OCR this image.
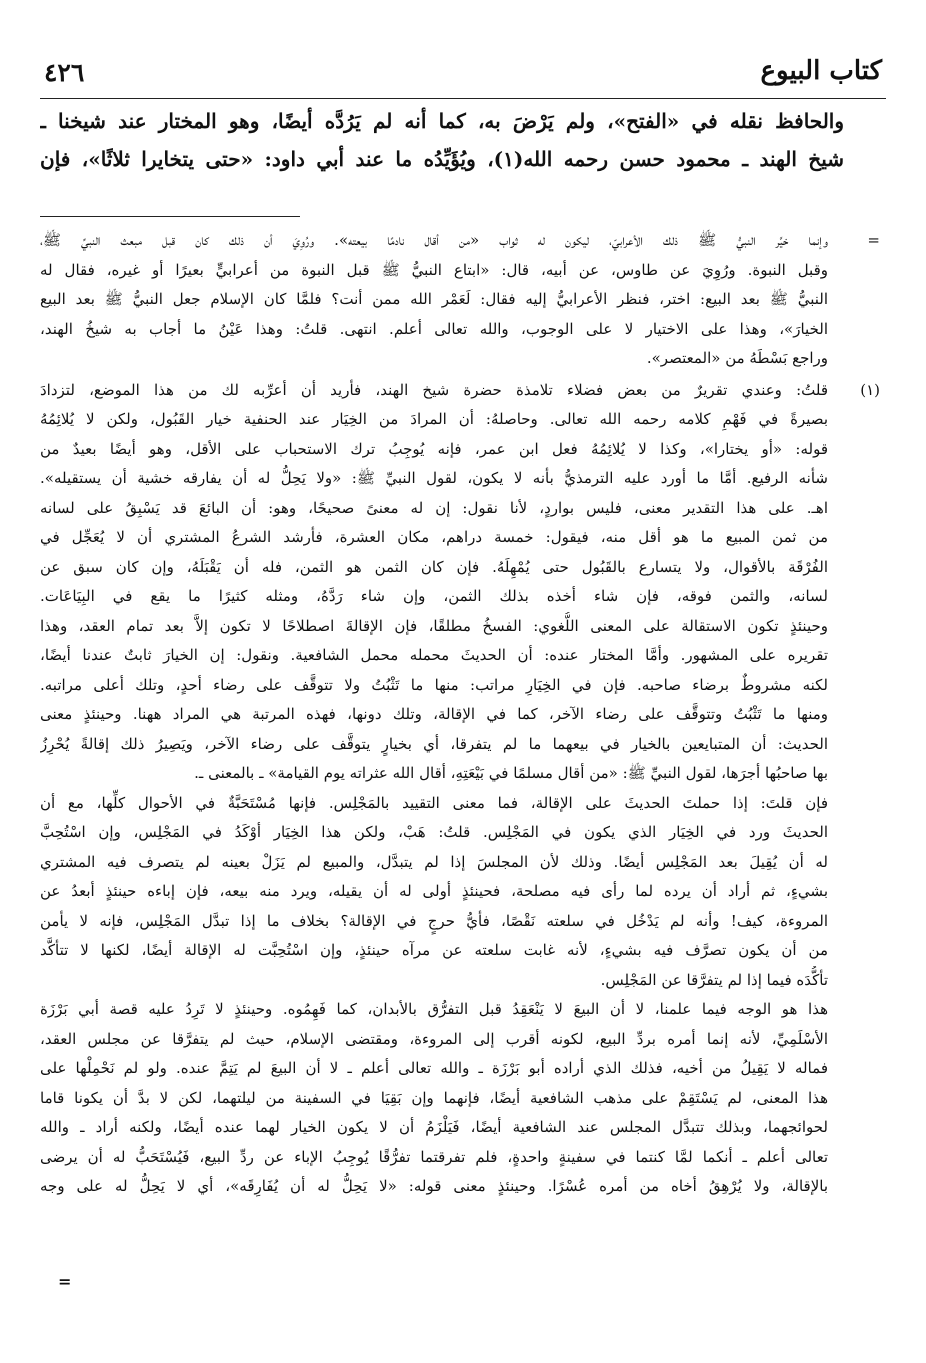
٤٢٦	كتاب البيوع
والحافظ نقله في «الفتح»، ولم يَرْضَ به، كما أنه لم يَرُدَّه أيضًا، وهو المختار عند شيخنا ـ
شيخ الهند ـ محمود حسن رحمه الله(١)، ويُؤَيِّدُه ما عند أبي داود: «حتى يتخايرا ثلاثًا»، فإن
=
وإنما خيَّر النبيُّ ﷺ ذلك الأعرابيّ، ليكون له ثواب «من أقال نادمًا بيعته». ورُوِيَ أن ذلك كان قبل مبعث النبيِّ ﷺ،
وقبل النبوة. ورُوِيَ عن طاوس، عن أبيه، قال: «ابتاع النبيُّ ﷺ قبل النبوة من أعرابيٍّ بعيرًا أو غيره، فقال له
النبيُّ ﷺ بعد البيع: اختر، فنظر الأعرابيُّ إليه فقال: لَعَمْر الله ممن أنت؟ فلمَّا كان الإسلام جعل النبيُّ ﷺ بعد البيع
الخيارَ»، وهذا على الاختيار لا على الوجوب، والله تعالى أعلم. انتهى. قلتُ: وهذا عَيْنُ ما أجاب به شيخُ الهند،
وراجع بَسْطَهُ من «المعتصر».
(١)
قلتُ: وعندي تقريرٌ من بعض فضلاء تلامذة حضرة شيخ الهند، فأريد أن أعرِّبه لك من هذا الموضع، لتزدادَ
بصيرةً في فَهْمِ كلامه رحمه الله تعالى. وحاصلهُ: أن المرادَ من الخِيَار عند الحنفية خيار القَبُول، ولكن لا يُلائِمُهُ
قوله: «أو يختارا»، وكذا لا يُلائِمُهُ فعل ابن عمر، فإنه يُوجِبُ ترك الاستحباب على الأقل، وهو أيضًا بعيدٌ من
شأنه الرفيع. أمَّا ما أورد عليه الترمذيُّ بأنه لا يكون، لقول النبيِّ ﷺ: «ولا يَحِلُّ له أن يفارقه خشية أن يستقيله».
اهـ. على هذا التقدير معنى، فليس بواردٍ، لأنا نقول: إن له معنىً صحيحًا، وهو: أن البائعَ قد يَسْبِقُ على لسانه
من ثمن المبيع ما هو أقل منه، فيقول: خمسة دراهم، مكان العشرة، فأرشد الشرعُ المشتري أن لا يُعَجِّل في
الفُرْقَة بالأقوال، ولا يتسارع بالقَبُول حتى يُمْهِلَهُ. فإن كان الثمن هو الثمن، فله أن يَقْبَلَهُ، وإن كان سبق عن
لسانه، والثمن فوقه، فإن شاء أخذه بذلك الثمن، وإن شاء رَدَّهُ، ومثله كثيرًا ما يقع في البِيَاعَات.
وحينئذٍ تكون الاستقالة على المعنى اللُّغوي: الفسخُ مطلقًا، فإن الإقالةَ اصطلاحًا لا تكون إلاَّ بعد تمام العقد، وهذا
تقريره على المشهور. وأمَّا المختار عنده: أن الحديثَ محمله محمل الشافعية. ونقول: إن الخيارَ ثابتٌ عندنا أيضًا،
لكنه مشروطٌ برضاء صاحبه. فإن في الخِيَارِ مراتب: منها ما تَثْبُتُ ولا تتوقَّف على رضاء أحدٍ، وتلك أعلى مراتبه.
ومنها ما تَثْبُتُ وتتوقَّف على رضاء الآخر، كما في الإقالة، وتلك دونها، فهذه المرتبة هي المراد ههنا. وحينئذٍ معنى
الحديث: أن المتبايعين بالخيار في بيعهما ما لم يتفرقا، أي بخيارٍ يتوقَّف على رضاء الآخر، ويَصِيرُ ذلك إقالةً يُحْرِزُ
بها صاحبُها أجرَها، لقول النبيِّ ﷺ: «من أقال مسلمًا في بَيْعَتِهِ، أقال الله عثراته يوم القيامة» ـ بالمعنى ـ.
فإن قلتَ: إذا حملتَ الحديثَ على الإقالة، فما معنى التقييد بالمَجْلِس. فإنها مُسْتَحَبَّةٌ في الأحوال كلِّها، مع أن
الحديثَ ورد في الخِيَار الذي يكون في المَجْلِس. قلتُ: هَبْ، ولكن هذا الخِيَار أوْكَدُ في المَجْلِس، وإن اسْتُحِبَّ
له أن يُقِيلَ بعد المَجْلِس أيضًا. وذلك لأن المجلسَ إذا لم يتبدَّل، والمبيع لم يَزَلْ بعينه لم يتصرف فيه المشتري
بشيءٍ، ثم أراد أن يرده لما رأى فيه مصلحة، فحينئذٍ أولى له أن يقيله، ويرد منه بيعه، فإن إباءه حينئذٍ أبعدُ عن
المروءة، كيف! وأنه لم يَدْخُل في سلعته نَقْصًا، فأيُّ حرجٍ في الإقالة؟ بخلاف ما إذا تبدَّل المَجْلِس، فإنه لا يأمن
من أن يكون تصرَّف فيه بشيءٍ، لأنه غابت سلعته عن مرآه حينئذٍ، وإن اسْتُحِبَّت له الإقالة أيضًا، لكنها لا تتأكَّد
تأكُّدَه فيما إذا لم يتفرَّقا عن المَجْلِس.
هذا هو الوجه فيما علمنا، لا أن البيعَ لا يَنْعَقِدُ قبل التفرُّق بالأبدان، كما فَهِمُوه. وحينئذٍ لا تَرِدُ عليه قصة أبي بَرْزَة
الأسْلَمِيِّ، لأنه إنما أمره بردِّ البيع، لكونه أقرب إلى المروءة، ومقتضى الإسلام، حيث لم يتفرَّقا عن مجلس العقد،
فماله لا يَقِيلُ من أخيه، فذلك الذي أراده أبو بَرْزَة ـ والله تعالى أعلم ـ لا أن البيعَ لم يَتِمَّ عنده. ولو لم نَحْمِلْها على
هذا المعنى، لم يَسْتَقِمْ على مذهب الشافعية أيضًا، فإنهما وإن بَقِيَا في السفينة من ليلتهما، لكن لا بدَّ أن يكونا قاما
لحوائجهما، وبذلك تتبدَّل المجلس عند الشافعية أيضًا، فَيَلْزَمُ أن لا يكون الخيار لهما عنده أيضًا، ولكنه أراد ـ والله
تعالى أعلم ـ أنكما لمَّا كنتما في سفينةٍ واحدةٍ، فلم تفرقتما تفرُّقًا يُوجِبُ الإباء عن ردِّ البيع، فَيُسْتَحَبُّ له أن يرضى
بالإقالة، ولا يُرْهِقُ أخاه من أمره عُسْرًا. وحينئذٍ معنى قوله: «لا يَحِلُّ له أن يُفَارِقَه»، أي لا يَحِلُّ له على وجه
=
